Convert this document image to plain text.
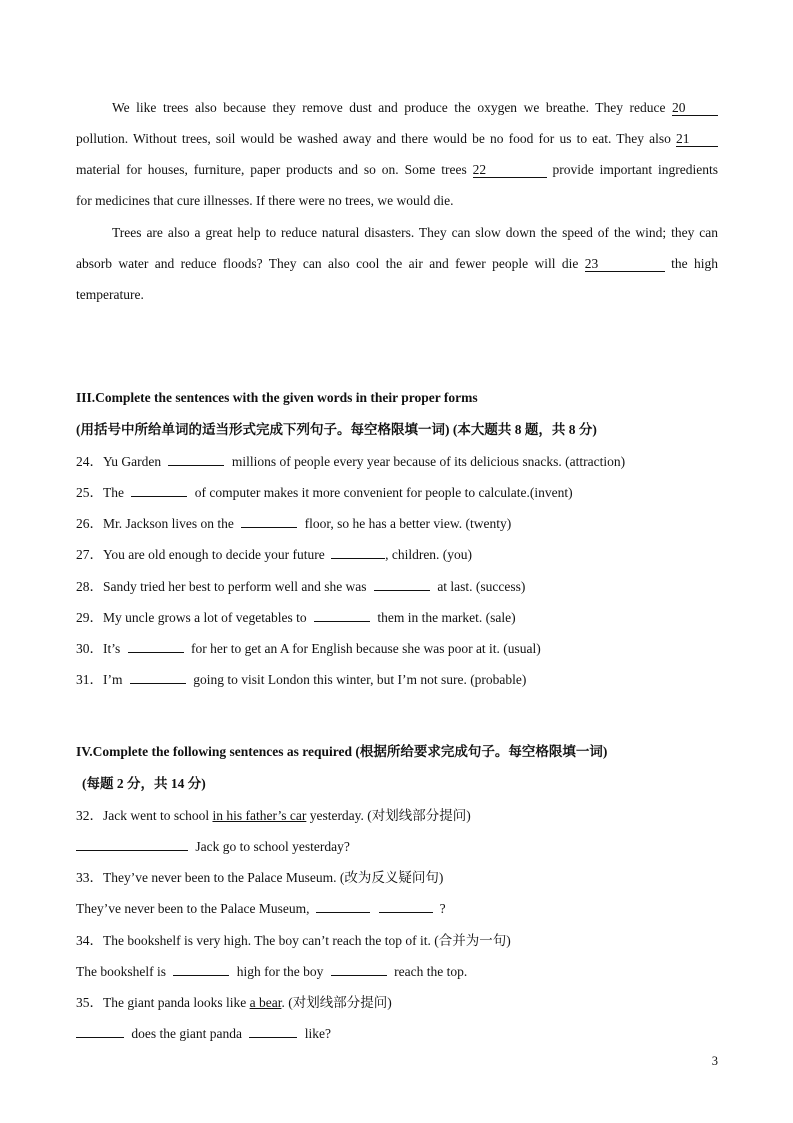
We like trees also because they remove dust and produce the oxygen we breathe. They reduce 20
pollution. Without trees, soil would be washed away and there would be no food for us to eat. They also 21
material for houses, furniture, paper products and so on. Some trees 22	provide important ingredients
for medicines that cure illnesses. If there were no trees, we would die.
Trees are also a great help to reduce natural disasters. They can slow down the speed of the wind; they can
absorb water and reduce floods? They can also cool the air and fewer people will die 23	the high
temperature.
III.Complete the sentences with the given words in their proper forms
(用括号中所给单词的适当形式完成下列句子。每空格限填一词) (本大题共 8 题，共 8 分)
24．Yu Garden	millions of people every year because of its delicious snacks. (attraction)
25．The	of computer makes it more convenient for people to calculate.(invent)
26．Mr. Jackson lives on the	floor, so he has a better view. (twenty)
27．You are old enough to decide your future	, children. (you)
28．Sandy tried her best to perform well and she was	at last. (success)
29．My uncle grows a lot of vegetables to	them in the market. (sale)
30．It’s	for her to get an A for English because she was poor at it. (usual)
31．I’m	going to visit London this winter, but I’m not sure. (probable)
IV.Complete the following sentences as required (根据所给要求完成句子。每空格限填一词)
(每题 2 分，共 14 分)
32．Jack went to school in his father’s car yesterday. (对划线部分提问)
Jack go to school yesterday?
33．They’ve never been to the Palace Museum. (改为反义疑问句)
They’ve never been to the Palace Museum,	?
34．The bookshelf is very high. The boy can’t reach the top of it. (合并为一句)
The bookshelf is	high for the boy	reach the top.
35．The giant panda looks like a bear. (对划线部分提问)
does the giant panda	like?
3
